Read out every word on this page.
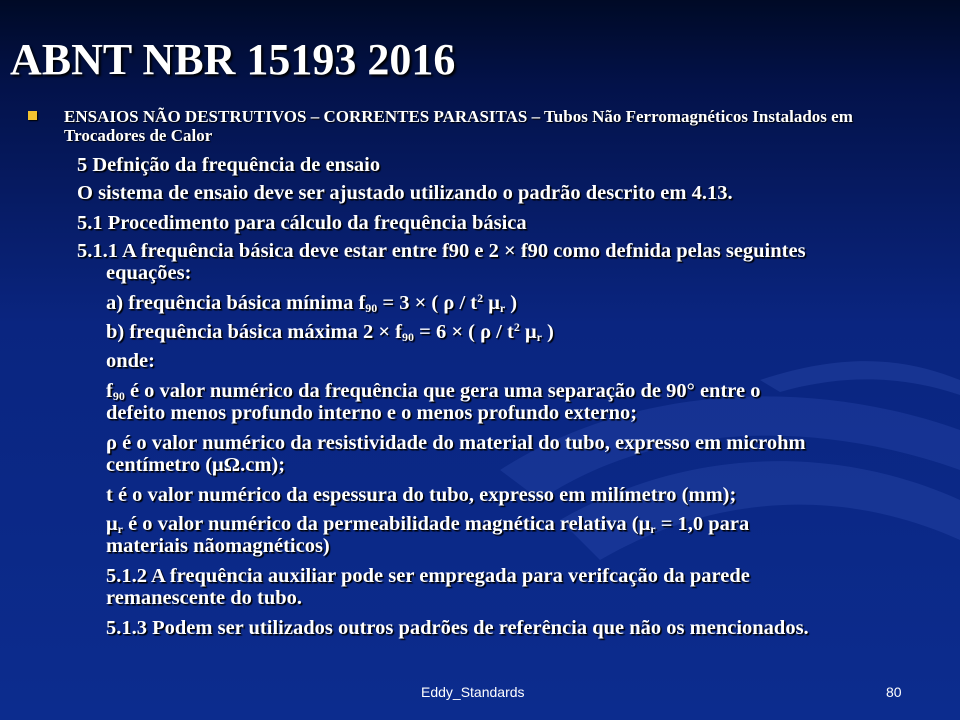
ABNT NBR 15193 2016
ENSAIOS NÃO DESTRUTIVOS – CORRENTES PARASITAS – Tubos Não Ferromagnéticos Instalados em Trocadores de Calor
5 Defnição da frequência de ensaio
O sistema de ensaio deve ser ajustado utilizando o padrão descrito em 4.13.
5.1 Procedimento para cálculo da frequência básica
5.1.1 A frequência básica deve estar entre f90 e 2 × f90 como defnida pelas seguintes
equações:
a) frequência básica mínima $f_{90} = 3$ × ( ρ / $t^2$ $\mu_r$ )
b) frequência básica máxima $2 \times f_{90} = 6$ × ( ρ / $t^2$ $\mu_r$ )
onde:
$f_{90}$ é o valor numérico da frequência que gera uma separação de 90° entre o
defeito menos profundo interno e o menos profundo externo;
ρ é o valor numérico da resistividade do material do tubo, expresso em microhm
centímetro (μΩ.cm);
t é o valor numérico da espessura do tubo, expresso em milímetro (mm);
$\mu_r$ é o valor numérico da permeabilidade magnética relativa ($\mu_r = 1,0$ para
materiais nãomagnéticos)
5.1.2 A frequência auxiliar pode ser empregada para verifcação da parede
remanescente do tubo.
5.1.3 Podem ser utilizados outros padrões de referência que não os mencionados.
Eddy_Standards	80
